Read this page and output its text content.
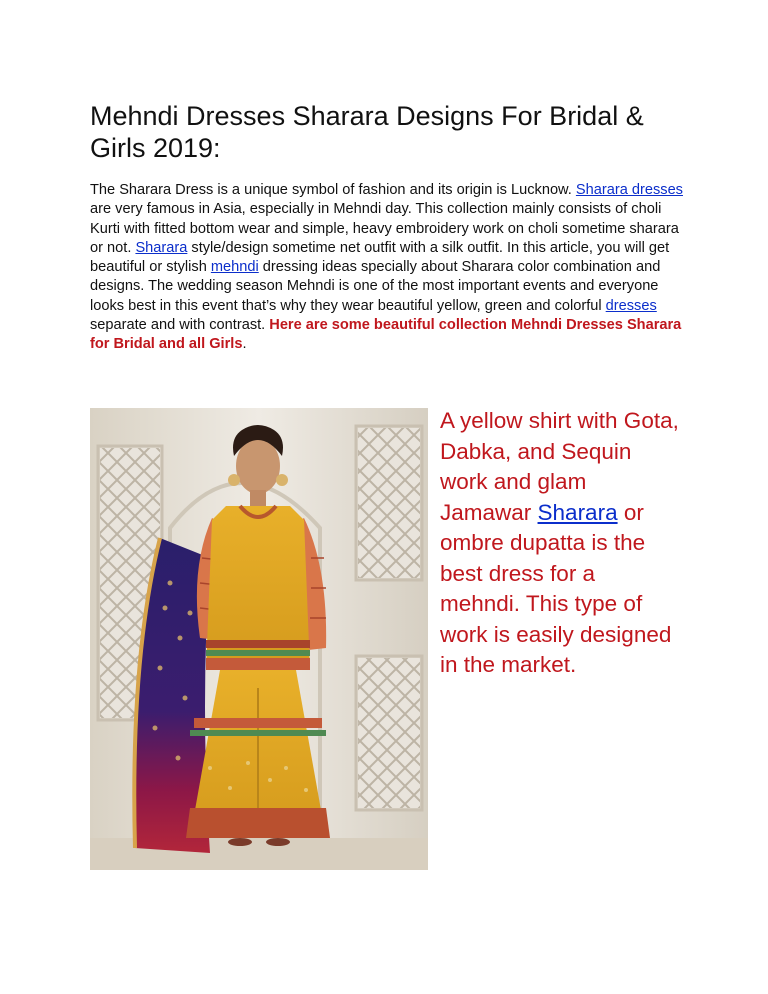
Mehndi Dresses Sharara Designs For Bridal & Girls 2019:

The Sharara Dress is a unique symbol of fashion and its origin is Lucknow. Sharara dresses are very famous in Asia, especially in Mehndi day. This collection mainly consists of choli Kurti with fitted bottom wear and simple, heavy embroidery work on choli sometime sharara or not. Sharara style/design sometime net outfit with a silk outfit. In this article, you will get beautiful or stylish mehndi dressing ideas specially about Sharara color combination and designs. The wedding season Mehndi is one of the most important events and everyone looks best in this event that’s why they wear beautiful yellow, green and colorful dresses separate and with contrast. Here are some beautiful collection Mehndi Dresses Sharara for Bridal and all Girls.

A yellow shirt with Gota, Dabka, and Sequin work and glam Jamawar Sharara or ombre dupatta is the best dress for a mehndi. This type of work is easily designed in the market.
